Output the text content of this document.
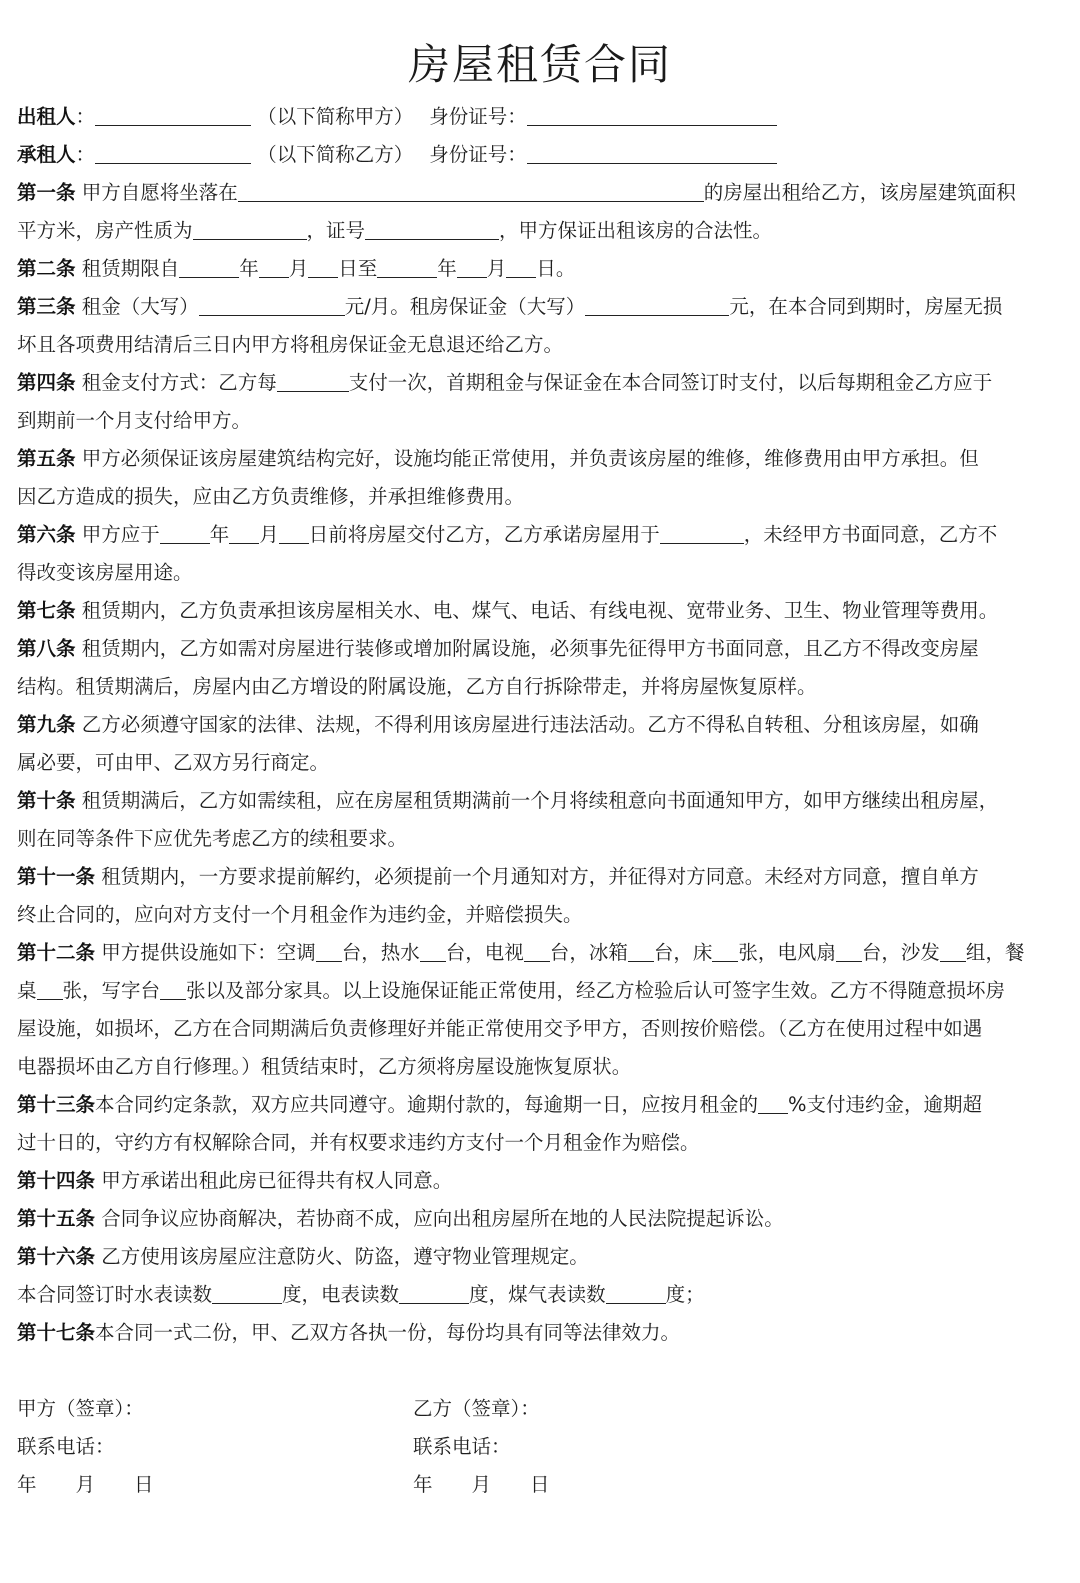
房屋租赁合同
出租人：	（以下简称甲方）　 身份证号：
承租人：	（以下简称乙方）　 身份证号：
第一条 甲方自愿将坐落在	的房屋出租给乙方，该房屋建筑面积
平方米，房产性质为	，证号	，甲方保证出租该房的合法性。
第二条 租赁期限自	年 月 日至	年 月 日。
第三条 租金（大写）	元/月。租房保证金（大写）	元，在本合同到期时，房屋无损
坏且各项费用结清后三日内甲方将租房保证金无息退还给乙方。
第四条 租金支付方式：乙方每	支付一次，首期租金与保证金在本合同签订时支付，以后每期租金乙方应于
到期前一个月支付给甲方。
第五条 甲方必须保证该房屋建筑结构完好，设施均能正常使用，并负责该房屋的维修，维修费用由甲方承担。但
因乙方造成的损失，应由乙方负责维修，并承担维修费用。
第六条 甲方应于	年 月 日前将房屋交付乙方，乙方承诺房屋用于	，未经甲方书面同意，乙方不
得改变该房屋用途。
第七条 租赁期内，乙方负责承担该房屋相关水、电、煤气、电话、有线电视、宽带业务、卫生、物业管理等费用。
第八条 租赁期内，乙方如需对房屋进行装修或增加附属设施，必须事先征得甲方书面同意，且乙方不得改变房屋
结构。租赁期满后，房屋内由乙方增设的附属设施，乙方自行拆除带走，并将房屋恢复原样。
第九条 乙方必须遵守国家的法律、法规，不得利用该房屋进行违法活动。乙方不得私自转租、分租该房屋，如确
属必要，可由甲、乙双方另行商定。
第十条 租赁期满后，乙方如需续租，应在房屋租赁期满前一个月将续租意向书面通知甲方，如甲方继续出租房屋，
则在同等条件下应优先考虑乙方的续租要求。
第十一条 租赁期内，一方要求提前解约，必须提前一个月通知对方，并征得对方同意。未经对方同意，擅自单方
终止合同的，应向对方支付一个月租金作为违约金，并赔偿损失。
第十二条 甲方提供设施如下：空调 台，热水 台，电视 台，冰箱 台，床 张，电风扇 台，沙发 组，餐
桌 张，写字台 张以及部分家具。以上设施保证能正常使用，经乙方检验后认可签字生效。乙方不得随意损坏房
屋设施，如损坏，乙方在合同期满后负责修理好并能正常使用交予甲方，否则按价赔偿。（乙方在使用过程中如遇
电器损坏由乙方自行修理。）租赁结束时，乙方须将房屋设施恢复原状。
第十三条本合同约定条款，双方应共同遵守。逾期付款的，每逾期一日，应按月租金的 %支付违约金，逾期超
过十日的，守约方有权解除合同，并有权要求违约方支付一个月租金作为赔偿。
第十四条 甲方承诺出租此房已征得共有权人同意。
第十五条 合同争议应协商解决，若协商不成，应向出租房屋所在地的人民法院提起诉讼。
第十六条 乙方使用该房屋应注意防火、防盗，遵守物业管理规定。
本合同签订时水表读数	度，电表读数	度，煤气表读数	度；
第十七条本合同一式二份，甲、乙双方各执一份，每份均具有同等法律效力。
甲方（签章）：	乙方（签章）：
联系电话：	联系电话：
年　　月　　日	年　　月　　日
